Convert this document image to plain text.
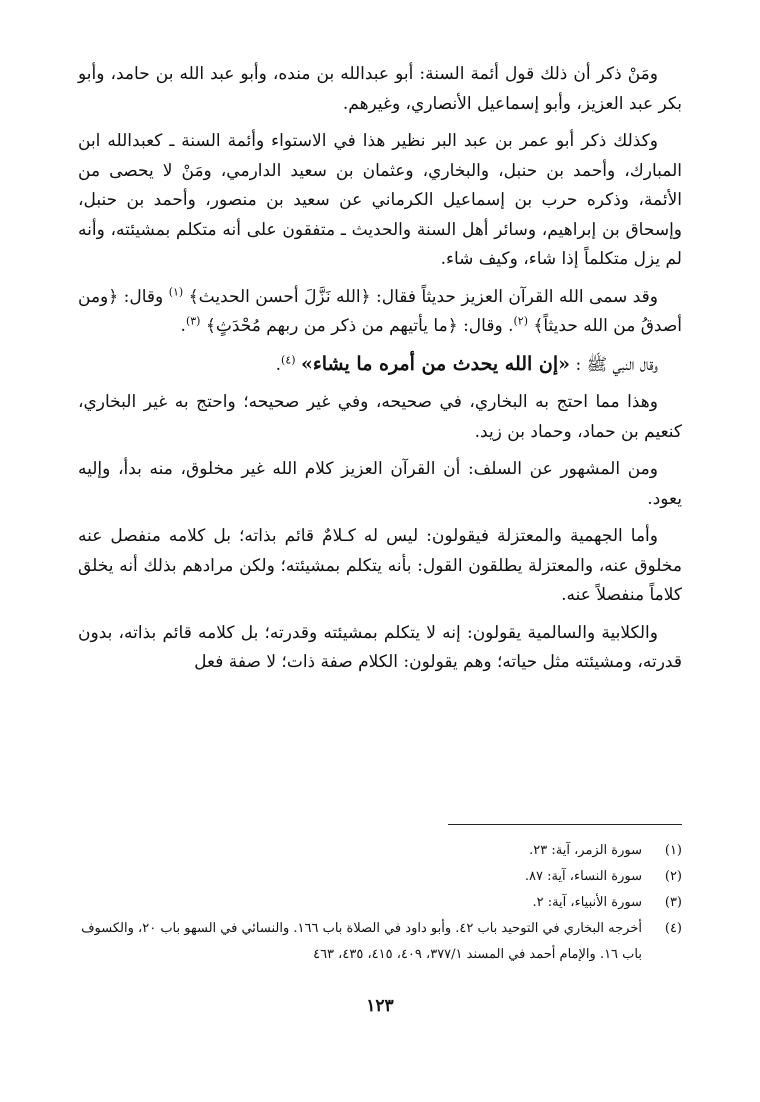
ومَنْ ذكر أن ذلك قول أئمة السنة: أبو عبدالله بن منده، وأبو عبد الله بن حامد، وأبو بكر عبد العزيز، وأبو إسماعيل الأنصاري، وغيرهم.

وكذلك ذكر أبو عمر بن عبد البر نظير هذا في الاستواء وأئمة السنة ـ كعبدالله ابن المبارك، وأحمد بن حنبل، والبخاري، وعثمان بن سعيد الدارمي، ومَنْ لا يحصى من الأئمة، وذكره حرب بن إسماعيل الكرماني عن سعيد بن منصور، وأحمد بن حنبل، وإسحاق بن إبراهيم، وسائر أهل السنة والحديث ـ متفقون على أنه متكلم بمشيئته، وأنه لم يزل متكلماً إذا شاء، وكيف شاء.

وقد سمى الله القرآن العزيز حديثاً فقال: ﴿الله نَزَّلَ أحسن الحديث﴾ $^{(١)}$ وقال: ﴿ومن أصدقُ من الله حديثاً﴾ $^{(٢)}$. وقال: ﴿ما يأتيهم من ذكر من ربهم مُحْدَثٍ﴾ $^{(٣)}$.

وقال النبي ﷺ : «إن الله يحدث من أمره ما يشاء» $^{(٤)}$.

وهذا مما احتج به البخاري، في صحيحه، وفي غير صحيحه؛ واحتج به غير البخاري، كنعيم بن حماد، وحماد بن زيد.

ومن المشهور عن السلف: أن القرآن العزيز كلام الله غير مخلوق، منه بدأ، وإليه يعود.

وأما الجهمية والمعتزلة فيقولون: ليس له كـلامٌ قائم بذاته؛ بل كلامه منفصل عنه مخلوق عنه، والمعتزلة يطلقون القول: بأنه يتكلم بمشيئته؛ ولكن مرادهم بذلك أنه يخلق كلاماً منفصلاً عنه.

والكلابية والسالمية يقولون: إنه لا يتكلم بمشيئته وقدرته؛ بل كلامه قائم بذاته، بدون قدرته، ومشيئته مثل حياته؛ وهم يقولون: الكلام صفة ذات؛ لا صفة فعل

(١)
سورة الزمر، آية: ٢٣.
(٢)
سورة النساء، آية: ٨٧.
(٣)
سورة الأنبياء، آية: ٢.
(٤)
أخرجه البخاري في التوحيد باب ٤٢. وأبو داود في الصلاة باب ١٦٦. والنسائي في السهو باب ٢٠، والكسوف باب ١٦. والإمام أحمد في المسند ٣٧٧/١، ٤٠٩، ٤١٥، ٤٣٥، ٤٦٣
١٢٣
